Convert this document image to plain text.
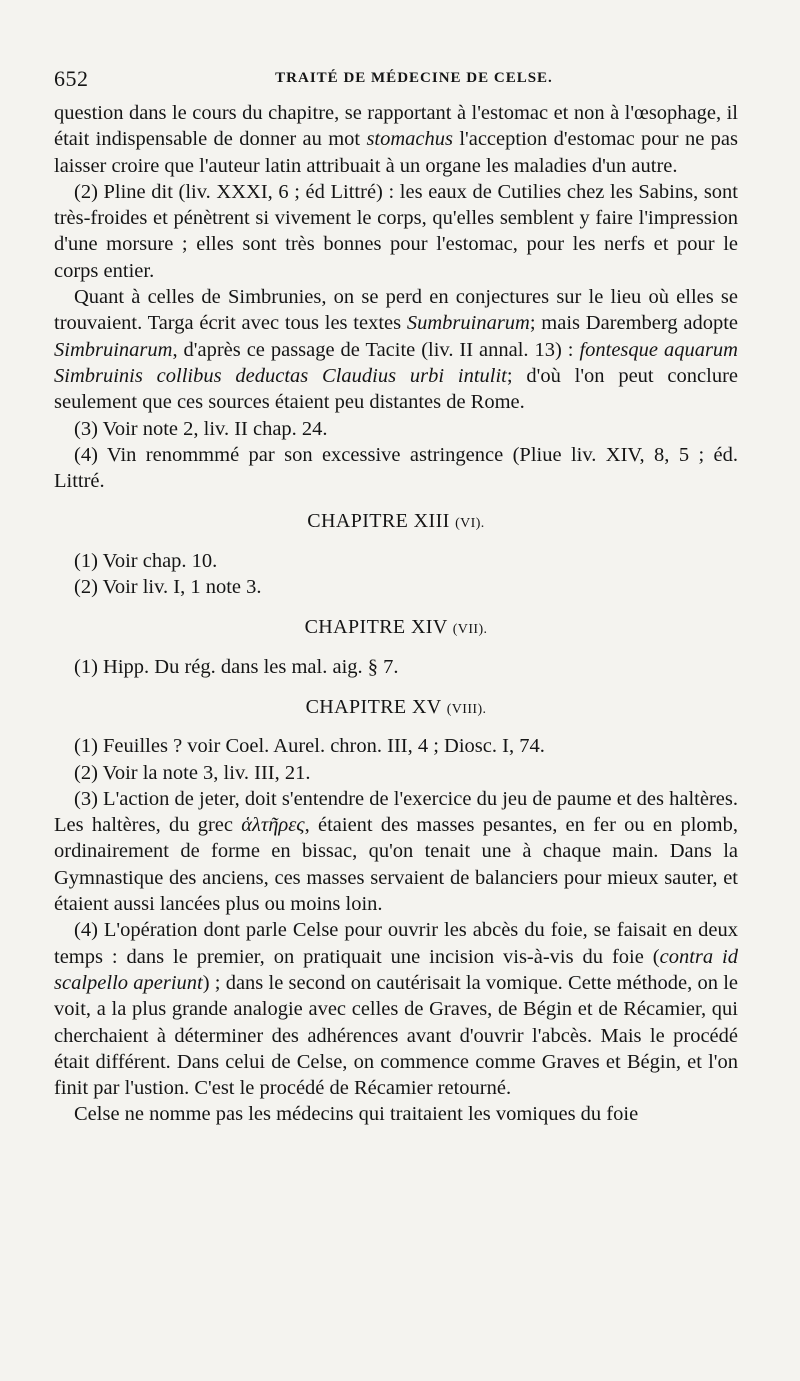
652	TRAITÉ DE MÉDECINE DE CELSE.

question dans le cours du chapitre, se rapportant à l'estomac et non à l'œsophage, il était indispensable de donner au mot stomachus l'acception d'estomac pour ne pas laisser croire que l'auteur latin attribuait à un organe les maladies d'un autre.

(2) Pline dit (liv. XXXI, 6 ; éd Littré) : les eaux de Cutilies chez les Sabins, sont très-froides et pénètrent si vivement le corps, qu'elles semblent y faire l'impression d'une morsure ; elles sont très bonnes pour l'estomac, pour les nerfs et pour le corps entier.

Quant à celles de Simbrunies, on se perd en conjectures sur le lieu où elles se trouvaient. Targa écrit avec tous les textes Sumbruinarum; mais Daremberg adopte Simbruinarum, d'après ce passage de Tacite (liv. II annal. 13) : fontesque aquarum Simbruinis collibus deductas Claudius urbi intulit; d'où l'on peut conclure seulement que ces sources étaient peu distantes de Rome.

(3) Voir note 2, liv. II chap. 24.

(4) Vin renommmé par son excessive astringence (Pliue liv. XIV, 8, 5 ; éd. Littré.

CHAPITRE XIII (VI).

(1) Voir chap. 10.

(2) Voir liv. I, 1 note 3.

CHAPITRE XIV (VII).

(1) Hipp. Du rég. dans les mal. aig. § 7.

CHAPITRE XV (VIII).

(1) Feuilles ? voir Coel. Aurel. chron. III, 4 ; Diosc. I, 74.

(2) Voir la note 3, liv. III, 21.

(3) L'action de jeter, doit s'entendre de l'exercice du jeu de paume et des haltères. Les haltères, du grec ἁλτῆρες, étaient des masses pesantes, en fer ou en plomb, ordinairement de forme en bissac, qu'on tenait une à chaque main. Dans la Gymnastique des anciens, ces masses servaient de balanciers pour mieux sauter, et étaient aussi lancées plus ou moins loin.

(4) L'opération dont parle Celse pour ouvrir les abcès du foie, se faisait en deux temps : dans le premier, on pratiquait une incision vis-à-vis du foie (contra id scalpello aperiunt) ; dans le second on cautérisait la vomique. Cette méthode, on le voit, a la plus grande analogie avec celles de Graves, de Bégin et de Récamier, qui cherchaient à déterminer des adhérences avant d'ouvrir l'abcès. Mais le procédé était différent. Dans celui de Celse, on commence comme Graves et Bégin, et l'on finit par l'ustion. C'est le procédé de Récamier retourné.

Celse ne nomme pas les médecins qui traitaient les vomiques du foie
